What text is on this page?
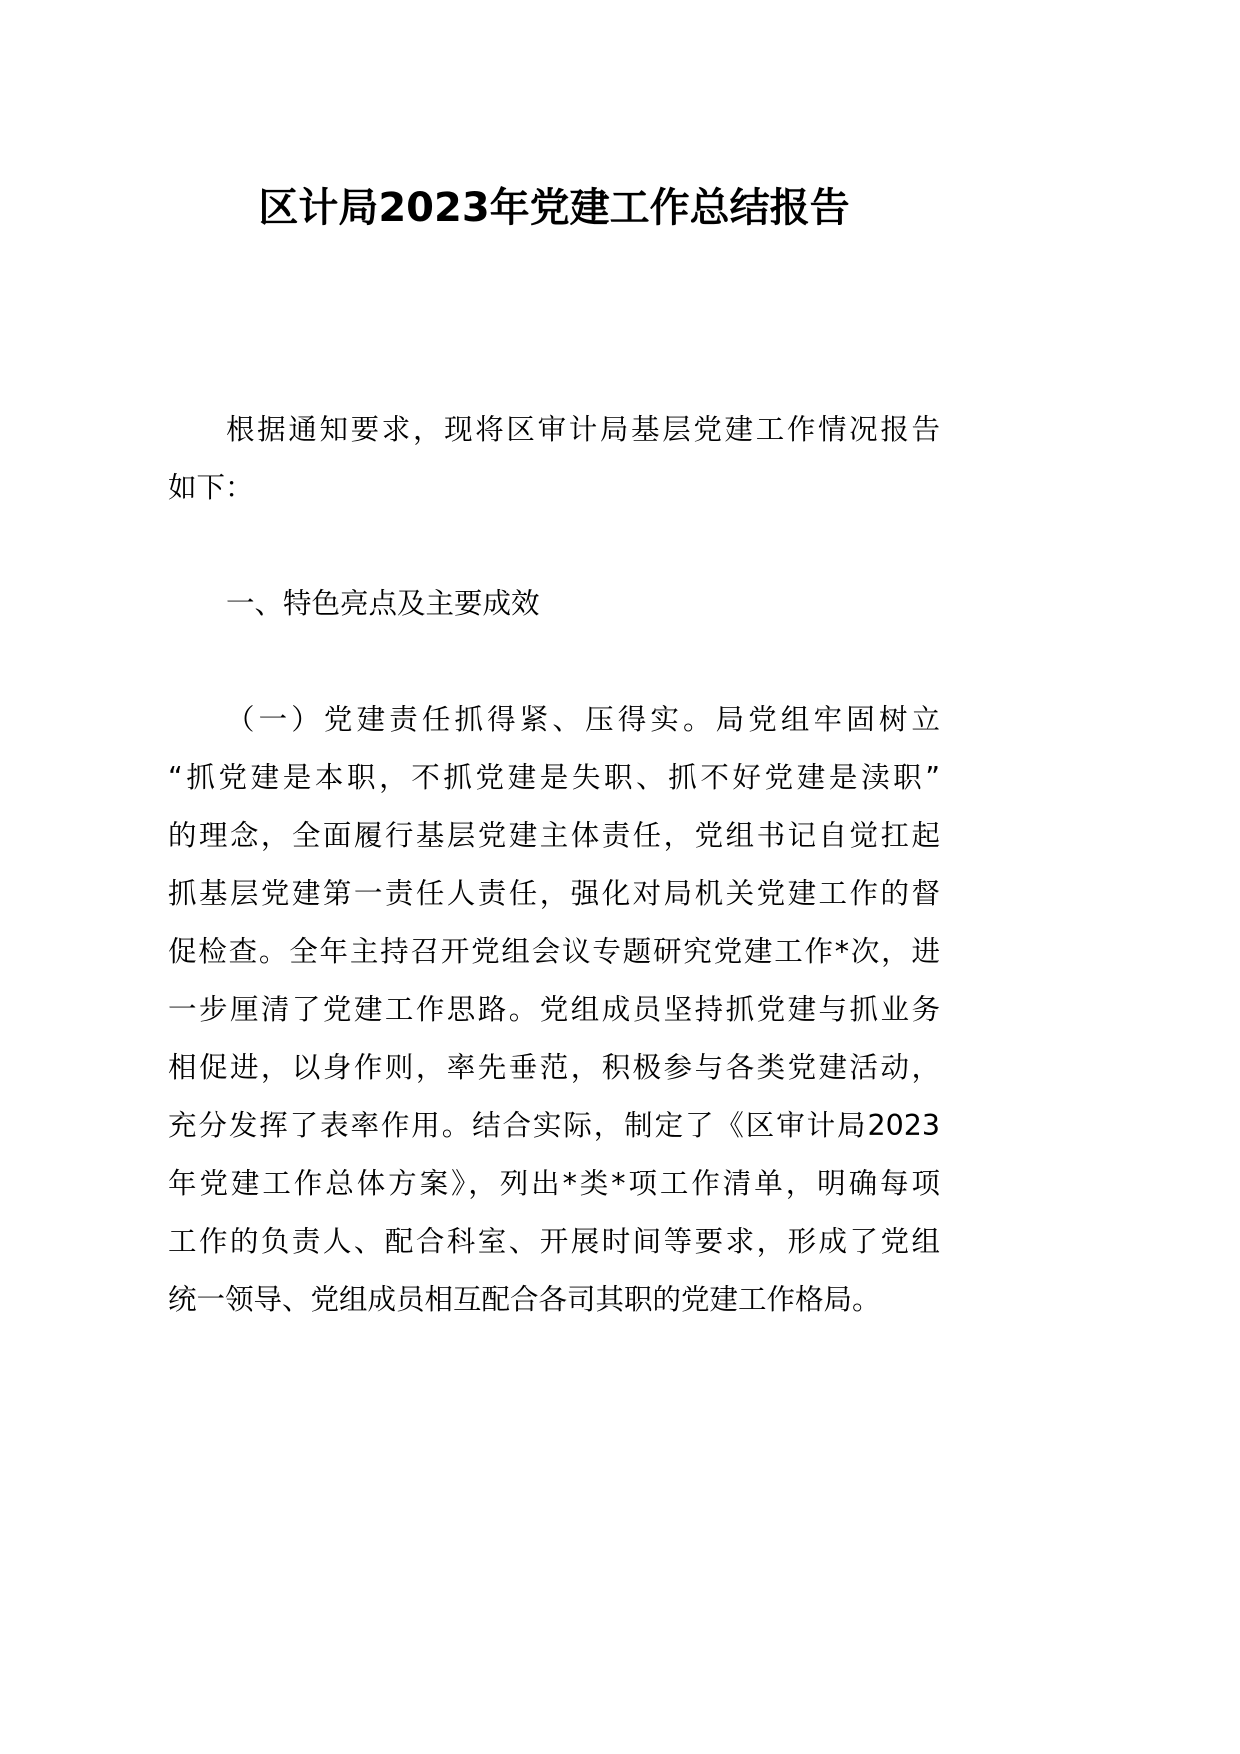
区计局2023年党建工作总结报告
根据通知要求，现将区审计局基层党建工作情况报告
如下：
一、特色亮点及主要成效
（一）党建责任抓得紧、压得实。局党组牢固树立
“抓党建是本职，不抓党建是失职、抓不好党建是渎职”
的理念，全面履行基层党建主体责任，党组书记自觉扛起
抓基层党建第一责任人责任，强化对局机关党建工作的督
促检查。全年主持召开党组会议专题研究党建工作*次，进
一步厘清了党建工作思路。党组成员坚持抓党建与抓业务
相促进，以身作则，率先垂范，积极参与各类党建活动，
充分发挥了表率作用。结合实际，制定了《区审计局2023
年党建工作总体方案》，列出*类*项工作清单，明确每项
工作的负责人、配合科室、开展时间等要求，形成了党组
统一领导、党组成员相互配合各司其职的党建工作格局。
